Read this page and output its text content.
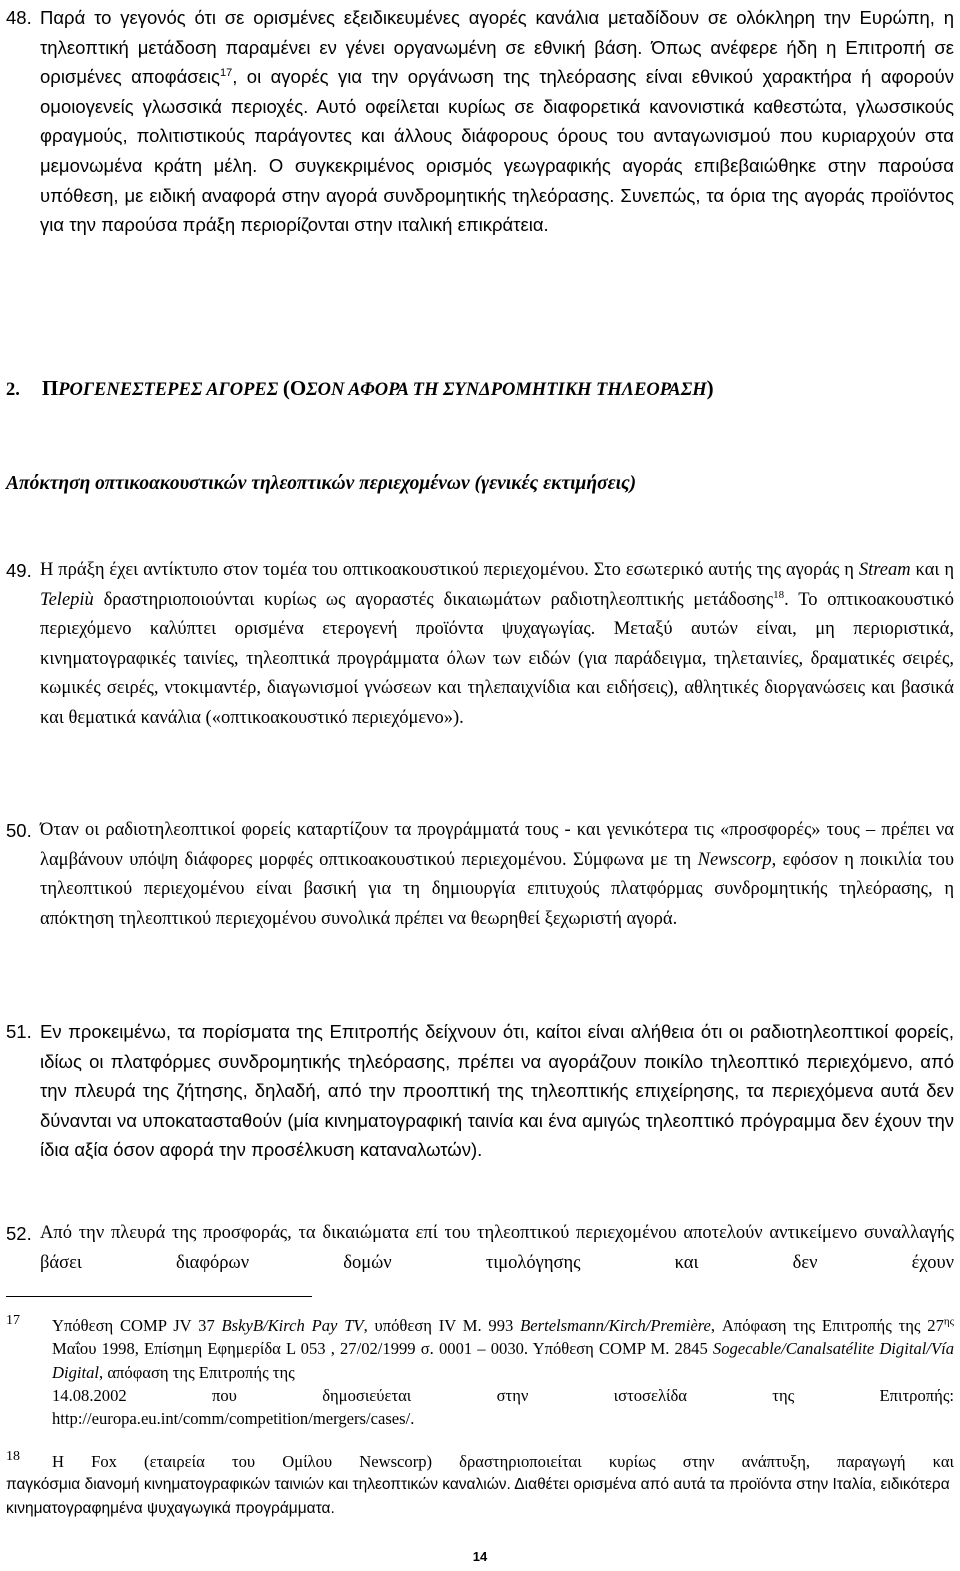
48. Παρά το γεγονός ότι σε ορισμένες εξειδικευμένες αγορές κανάλια μεταδίδουν σε ολόκληρη την Ευρώπη, η τηλεοπτική μετάδοση παραμένει εν γένει οργανωμένη σε εθνική βάση. Όπως ανέφερε ήδη η Επιτροπή σε ορισμένες αποφάσεις$^{17}$, οι αγορές για την οργάνωση της τηλεόρασης είναι εθνικού χαρακτήρα ή αφορούν ομοιογενείς γλωσσικά περιοχές. Αυτό οφείλεται κυρίως σε διαφορετικά κανονιστικά καθεστώτα, γλωσσικούς φραγμούς, πολιτιστικούς παράγοντες και άλλους διάφορους όρους του ανταγωνισμού που κυριαρχούν στα μεμονωμένα κράτη μέλη. Ο συγκεκριμένος ορισμός γεωγραφικής αγοράς επιβεβαιώθηκε στην παρούσα υπόθεση, με ειδική αναφορά στην αγορά συνδρομητικής τηλεόρασης. Συνεπώς, τα όρια της αγοράς προϊόντος για την παρούσα πράξη περιορίζονται στην ιταλική επικράτεια.

2. ΠΡΟΓΕΝΕΣΤΕΡΕΣ ΑΓΟΡΕΣ (ΟΣΟΝ ΑΦΟΡΑ ΤΗ ΣΥΝΔΡΟΜΗΤΙΚΗ ΤΗΛΕΟΡΑΣΗ)
Απόκτηση οπτικοακουστικών τηλεοπτικών περιεχομένων (γενικές εκτιμήσεις)
49. Η πράξη έχει αντίκτυπο στον τομέα του οπτικοακουστικού περιεχομένου. Στο εσωτερικό αυτής της αγοράς η Stream και η Telepiù δραστηριοποιούνται κυρίως ως αγοραστές δικαιωμάτων ραδιοτηλεοπτικής μετάδοσης$^{18}$. Το οπτικοακουστικό περιεχόμενο καλύπτει ορισμένα ετερογενή προϊόντα ψυχαγωγίας. Μεταξύ αυτών είναι, μη περιοριστικά, κινηματογραφικές ταινίες, τηλεοπτικά προγράμματα όλων των ειδών (για παράδειγμα, τηλεταινίες, δραματικές σειρές, κωμικές σειρές, ντοκιμαντέρ, διαγωνισμοί γνώσεων και τηλεπαιχνίδια και ειδήσεις), αθλητικές διοργανώσεις και βασικά και θεματικά κανάλια («οπτικοακουστικό περιεχόμενο»).

50. Όταν οι ραδιοτηλεοπτικοί φορείς καταρτίζουν τα προγράμματά τους - και γενικότερα τις «προσφορές» τους – πρέπει να λαμβάνουν υπόψη διάφορες μορφές οπτικοακουστικού περιεχομένου. Σύμφωνα με τη Newscorp, εφόσον η ποικιλία του τηλεοπτικού περιεχομένου είναι βασική για τη δημιουργία επιτυχούς πλατφόρμας συνδρομητικής τηλεόρασης, η απόκτηση τηλεοπτικού περιεχομένου συνολικά πρέπει να θεωρηθεί ξεχωριστή αγορά.

51. Εν προκειμένω, τα πορίσματα της Επιτροπής δείχνουν ότι, καίτοι είναι αλήθεια ότι οι ραδιοτηλεοπτικοί φορείς, ιδίως οι πλατφόρμες συνδρομητικής τηλεόρασης, πρέπει να αγοράζουν ποικίλο τηλεοπτικό περιεχόμενο, από την πλευρά της ζήτησης, δηλαδή, από την προοπτική της τηλεοπτικής επιχείρησης, τα περιεχόμενα αυτά δεν δύνανται να υποκατασταθούν (μία κινηματογραφική ταινία και ένα αμιγώς τηλεοπτικό πρόγραμμα δεν έχουν την ίδια αξία όσον αφορά την προσέλκυση καταναλωτών).

52. Από την πλευρά της προσφοράς, τα δικαιώματα επί του τηλεοπτικού περιεχομένου αποτελούν αντικείμενο συναλλαγής βάσει διαφόρων δομών τιμολόγησης και δεν έχουν

17 Υπόθεση COMP JV 37 BskyB/Kirch Pay TV, υπόθεση IV M. 993 Bertelsmann/Kirch/Première, Απόφαση της Επιτροπής της $27^{\eta\varsigma}$ Μαΐου 1998, Επίσημη Εφημερίδα L 053 , 27/02/1999 σ. 0001 – 0030. Υπόθεση COMP M. 2845 Sogecable/Canalsatélite Digital/Vía Digital, απόφαση της Επιτροπής της

14.08.2002 που δημοσιεύεται στην ιστοσελίδα της Επιτροπής:

http://europa.eu.int/comm/competition/mergers/cases/.

18 Η Fox (εταιρεία του Ομίλου Newscorp) δραστηριοποιείται κυρίως στην ανάπτυξη, παραγωγή και

παγκόσμια διανομή κινηματογραφικών ταινιών και τηλεοπτικών καναλιών. Διαθέτει ορισμένα από αυτά τα προϊόντα στην Ιταλία, ειδικότερα κινηματογραφημένα ψυχαγωγικά προγράμματα.

14
